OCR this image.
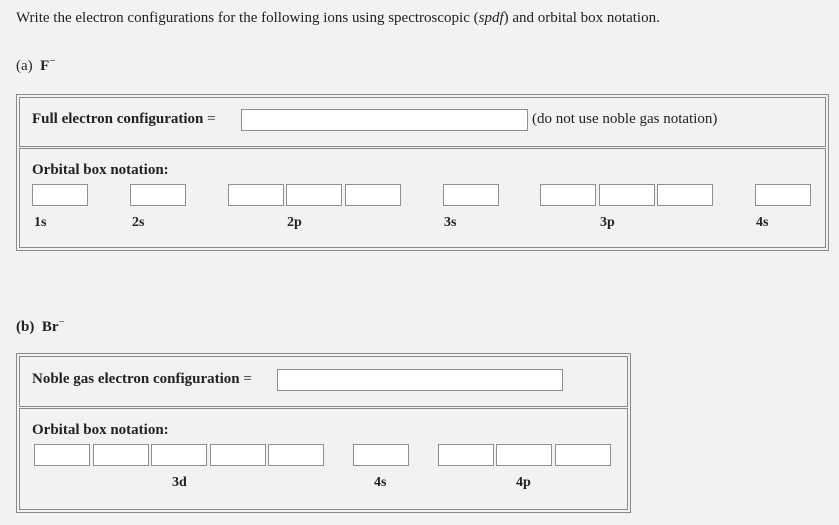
Write the electron configurations for the following ions using spectroscopic (spdf) and orbital box notation.
(a) F−
Full electron configuration =	(do not use noble gas notation)
Orbital box notation:
1s	2s	2p	3s	3p	4s
(b) Br−
Noble gas electron configuration =
Orbital box notation:
3d	4s	4p
